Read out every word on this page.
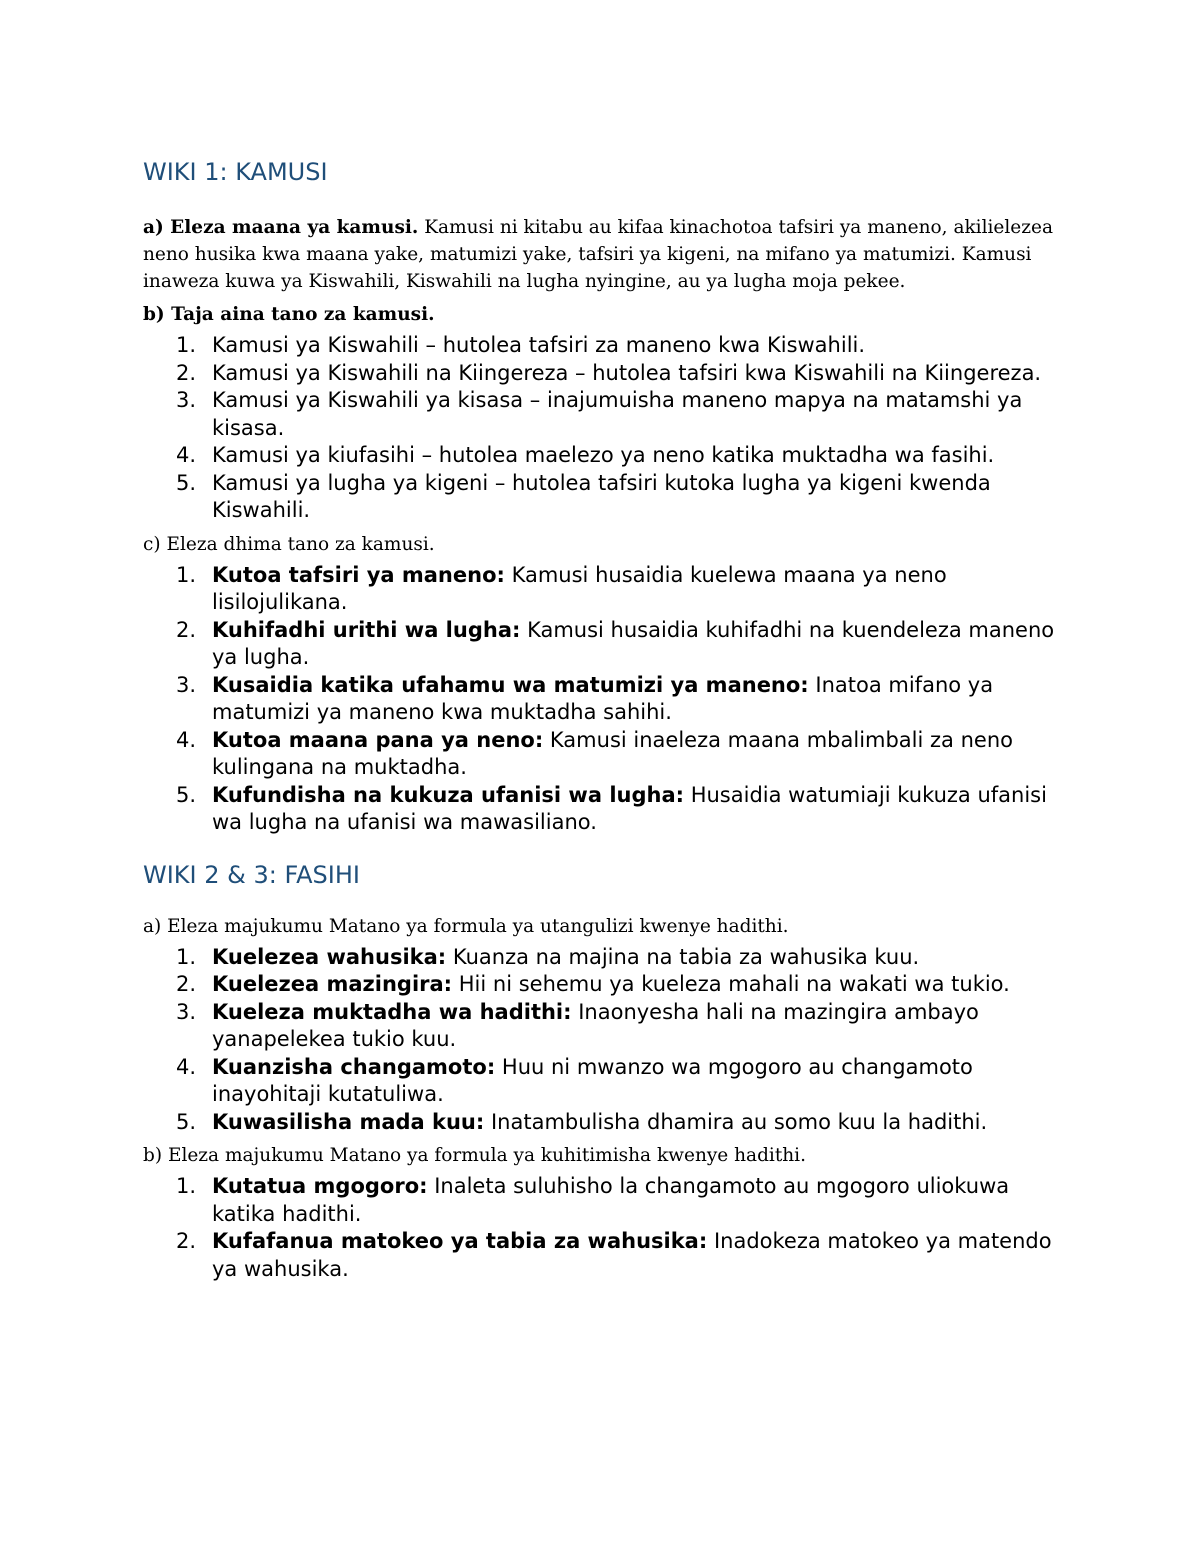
WIKI 1: KAMUSI

a) Eleza maana ya kamusi. Kamusi ni kitabu au kifaa kinachotoa tafsiri ya maneno, akilielezea neno husika kwa maana yake, matumizi yake, tafsiri ya kigeni, na mifano ya matumizi. Kamusi inaweza kuwa ya Kiswahili, Kiswahili na lugha nyingine, au ya lugha moja pekee.

b) Taja aina tano za kamusi.

1. Kamusi ya Kiswahili – hutolea tafsiri za maneno kwa Kiswahili.
2. Kamusi ya Kiswahili na Kiingereza – hutolea tafsiri kwa Kiswahili na Kiingereza.
3. Kamusi ya Kiswahili ya kisasa – inajumuisha maneno mapya na matamshi ya kisasa.
4. Kamusi ya kiufasihi – hutolea maelezo ya neno katika muktadha wa fasihi.
5. Kamusi ya lugha ya kigeni – hutolea tafsiri kutoka lugha ya kigeni kwenda Kiswahili.

c) Eleza dhima tano za kamusi.

1. Kutoa tafsiri ya maneno: Kamusi husaidia kuelewa maana ya neno lisilojulikana.
2. Kuhifadhi urithi wa lugha: Kamusi husaidia kuhifadhi na kuendeleza maneno ya lugha.
3. Kusaidia katika ufahamu wa matumizi ya maneno: Inatoa mifano ya matumizi ya maneno kwa muktadha sahihi.
4. Kutoa maana pana ya neno: Kamusi inaeleza maana mbalimbali za neno kulingana na muktadha.
5. Kufundisha na kukuza ufanisi wa lugha: Husaidia watumiaji kukuza ufanisi wa lugha na ufanisi wa mawasiliano.
WIKI 2 & 3: FASIHI

a) Eleza majukumu Matano ya formula ya utangulizi kwenye hadithi.

1. Kuelezea wahusika: Kuanza na majina na tabia za wahusika kuu.
2. Kuelezea mazingira: Hii ni sehemu ya kueleza mahali na wakati wa tukio.
3. Kueleza muktadha wa hadithi: Inaonyesha hali na mazingira ambayo yanapelekea tukio kuu.
4. Kuanzisha changamoto: Huu ni mwanzo wa mgogoro au changamoto inayohitaji kutatuliwa.
5. Kuwasilisha mada kuu: Inatambulisha dhamira au somo kuu la hadithi.

b) Eleza majukumu Matano ya formula ya kuhitimisha kwenye hadithi.

1. Kutatua mgogoro: Inaleta suluhisho la changamoto au mgogoro uliokuwa katika hadithi.
2. Kufafanua matokeo ya tabia za wahusika: Inadokeza matokeo ya matendo ya wahusika.
